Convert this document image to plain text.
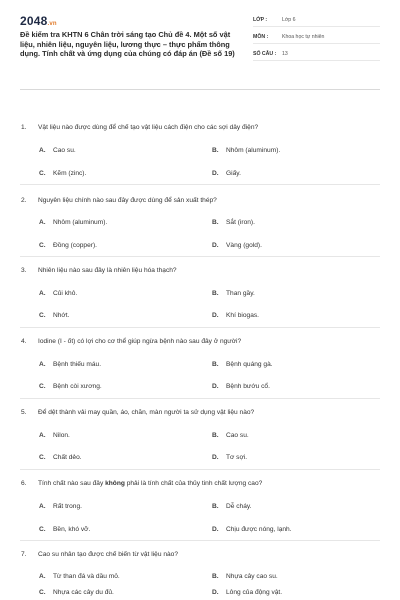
2048.vn
Đề kiểm tra KHTN 6 Chân trời sáng tạo Chủ đề 4. Một số vật liệu, nhiên liệu, nguyên liệu, lương thực – thực phẩm thông dụng. Tính chất và ứng dụng của chúng có đáp án (Đề số 19)
LỚP :	Lớp 6
MÔN :	Khoa học tự nhiên
SỐ CÂU :	13
1. Vật liệu nào được dùng để chế tạo vật liệu cách điện cho các sợi dây điện?
A. Cao su.	B. Nhôm (aluminum).
C. Kẽm (zinc).	D. Giấy.
2. Nguyên liệu chính nào sau đây được dùng để sản xuất thép?
A. Nhôm (aluminum).	B. Sắt (iron).
C. Đồng (copper).	D. Vàng (gold).
3. Nhiên liệu nào sau đây là nhiên liệu hóa thạch?
A. Củi khô.	B. Than gầy.
C. Nhớt.	D. Khí biogas.
4. Iodine (I - ốt) có lợi cho cơ thể giúp ngừa bệnh nào sau đây ở người?
A. Bệnh thiếu máu.	B. Bệnh quáng gà.
C. Bệnh còi xương.	D. Bệnh bướu cổ.
5. Để dệt thành vải may quần, áo, chăn, màn người ta sử dụng vật liệu nào?
A. Nilon.	B. Cao su.
C. Chất dẻo.	D. Tơ sợi.
6. Tính chất nào sau đây không phải là tính chất của thủy tinh chất lượng cao?
A. Rất trong.	B. Dễ cháy.
C. Bền, khó vỡ.	D. Chịu được nóng, lạnh.
7. Cao su nhân tạo được chế biến từ vật liệu nào?
A. Từ than đá và dầu mỏ.	B. Nhựa cây cao su.
C. Nhựa các cây du đủ.	D. Lông của động vật.
